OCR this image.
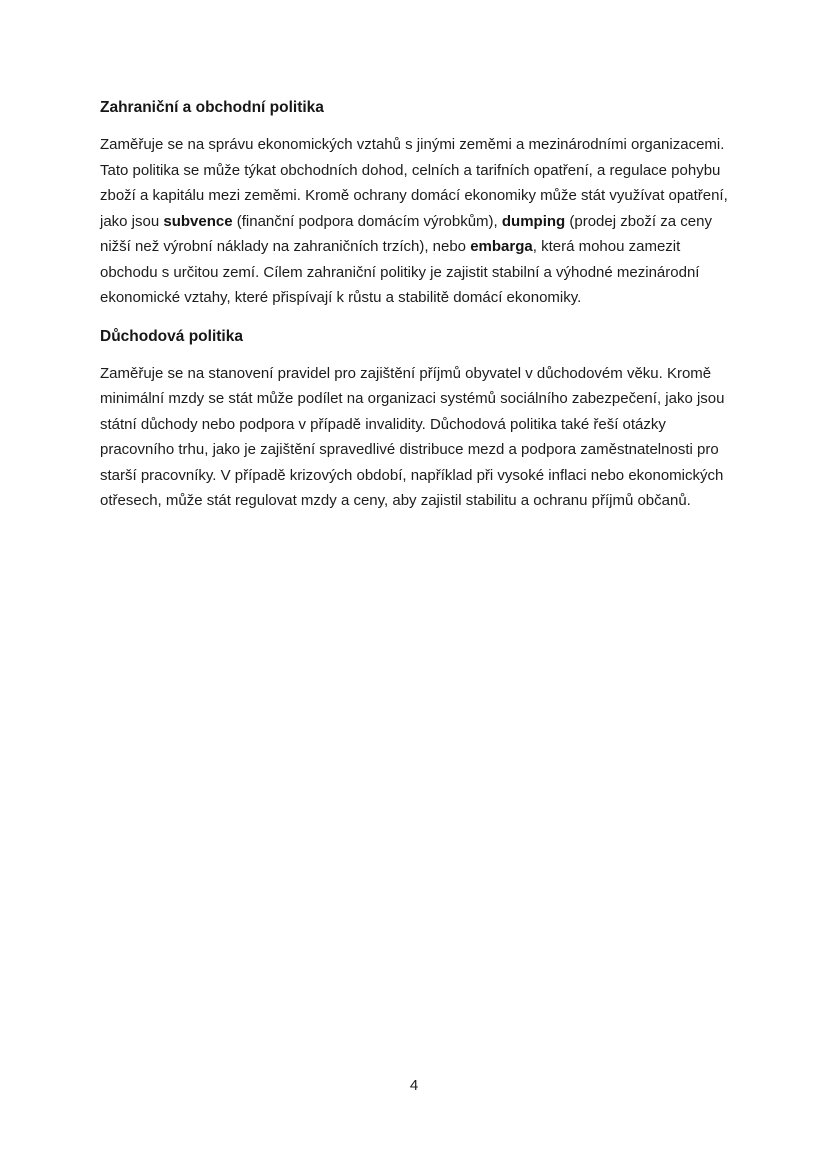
Zahraniční a obchodní politika

Zaměřuje se na správu ekonomických vztahů s jinými zeměmi a mezinárodními organizacemi. Tato politika se může týkat obchodních dohod, celních a tarifních opatření, a regulace pohybu zboží a kapitálu mezi zeměmi. Kromě ochrany domácí ekonomiky může stát využívat opatření, jako jsou subvence (finanční podpora domácím výrobkům), dumping (prodej zboží za ceny nižší než výrobní náklady na zahraničních trzích), nebo embarga, která mohou zamezit obchodu s určitou zemí. Cílem zahraniční politiky je zajistit stabilní a výhodné mezinárodní ekonomické vztahy, které přispívají k růstu a stabilitě domácí ekonomiky.

Důchodová politika

Zaměřuje se na stanovení pravidel pro zajištění příjmů obyvatel v důchodovém věku. Kromě minimální mzdy se stát může podílet na organizaci systémů sociálního zabezpečení, jako jsou státní důchody nebo podpora v případě invalidity. Důchodová politika také řeší otázky pracovního trhu, jako je zajištění spravedlivé distribuce mezd a podpora zaměstnatelnosti pro starší pracovníky. V případě krizových období, například při vysoké inflaci nebo ekonomických otřesech, může stát regulovat mzdy a ceny, aby zajistil stabilitu a ochranu příjmů občanů.

4
